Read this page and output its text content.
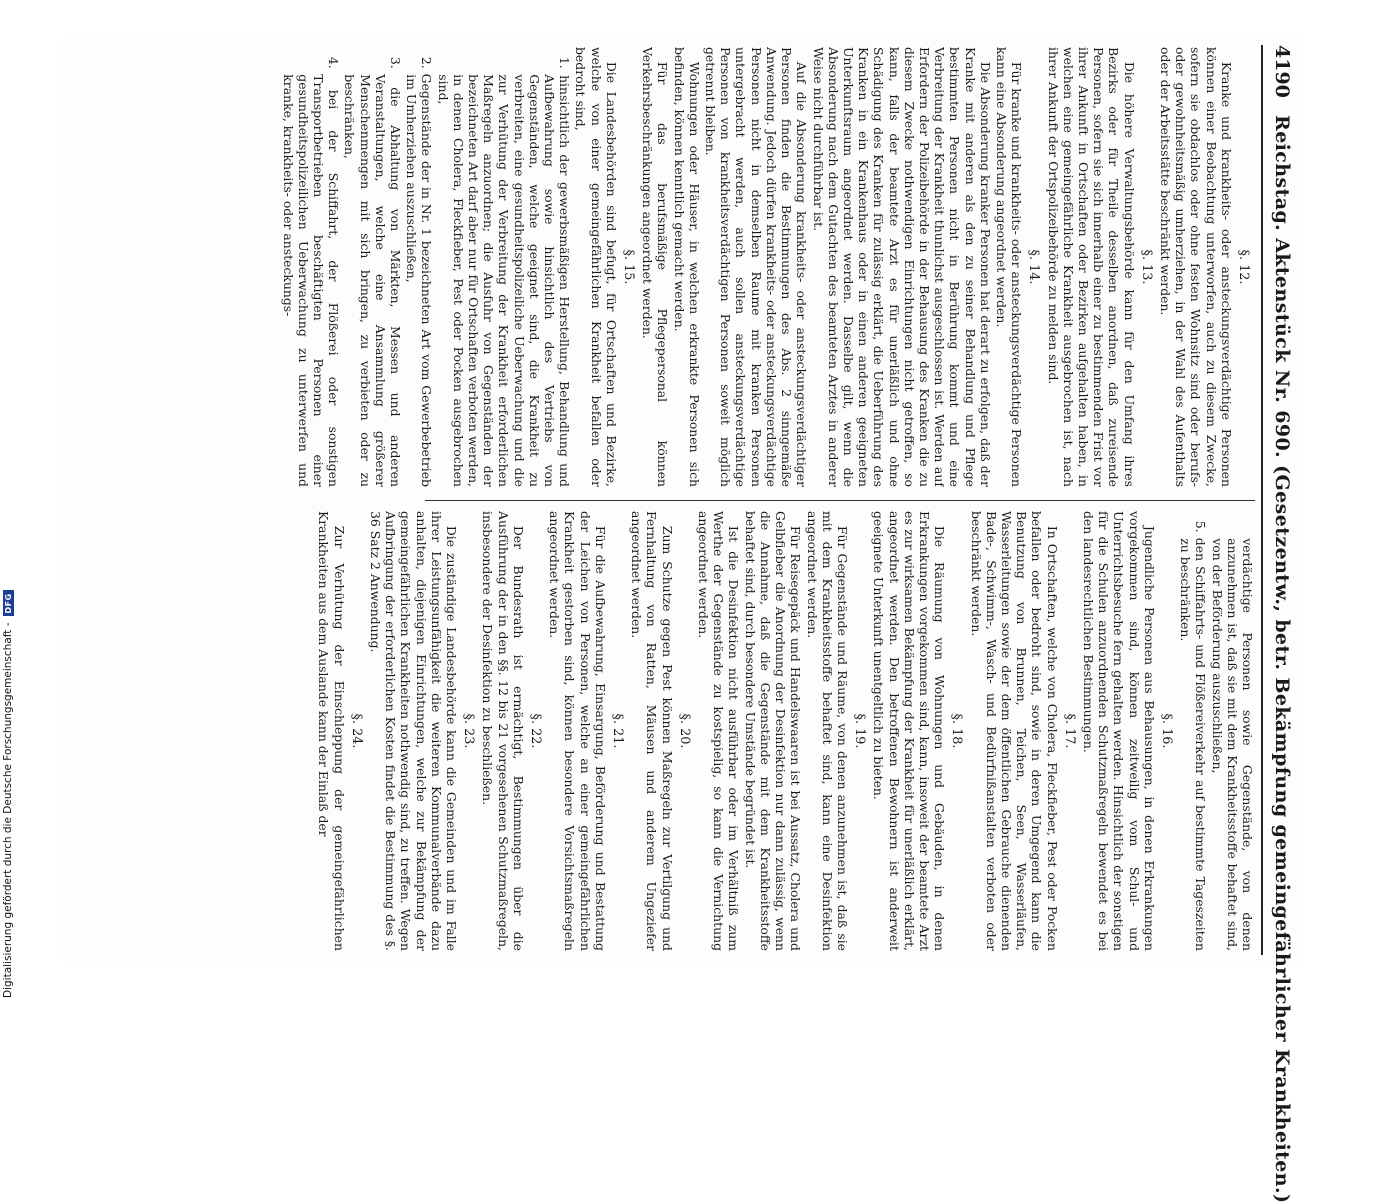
4190
Reichstag. Aktenstück Nr. 690. (Gesetzentw., betr. Bekämpfung gemeingefährlicher Krankheiten.)
§. 12.

Kranke und krankheits- oder ansteckungsverdächtige Personen können einer Beobachtung unterworfen, auch zu diesem Zwecke, sofern sie obdachlos oder ohne festen Wohnsitz sind oder berufs- oder gewohnheitsmäßig umherziehen, in der Wahl des Aufenthalts oder der Arbeitsstätte beschränkt werden.

§. 13.

Die höhere Verwaltungsbehörde kann für den Umfang ihres Bezirks oder für Theile desselben anordnen, daß zureisende Personen, sofern sie sich innerhalb einer zu bestimmenden Frist vor ihrer Ankunft in Ortschaften oder Bezirken aufgehalten haben, in welchen eine gemeingefährliche Krankheit ausgebrochen ist, nach ihrer Ankunft der Ortspolizeibehörde zu melden sind.

§. 14.

Für kranke und krankheits- oder ansteckungsverdächtige Personen kann eine Absonderung angeordnet werden.

Die Absonderung kranker Personen hat derart zu erfolgen, daß der Kranke mit anderen als den zu seiner Behandlung und Pflege bestimmten Personen nicht in Berührung kommt und eine Verbreitung der Krankheit thunlichst ausgeschlossen ist. Werden auf Erfordern der Polizeibehörde in der Behausung des Kranken die zu diesem Zwecke nothwendigen Einrichtungen nicht getroffen, so kann, falls der beamtete Arzt es für unerläßlich und ohne Schädigung des Kranken für zulässig erklärt, die Ueberführung des Kranken in ein Krankenhaus oder in einen anderen geeigneten Unterkunftsraum angeordnet werden. Dasselbe gilt, wenn die Absonderung nach dem Gutachten des beamteten Arztes in anderer Weise nicht durchführbar ist.

Auf die Absonderung krankheits- oder ansteckungsverdächtiger Personen finden die Bestimmungen des Abs. 2 sinngemäße Anwendung. Jedoch dürfen krankheits- oder ansteckungsverdächtige Personen nicht in demselben Raume mit kranken Personen untergebracht werden, auch sollen ansteckungsverdächtige Personen von krankheitsverdächtigen Personen soweit möglich getrennt bleiben.

Wohnungen oder Häuser, in welchen erkrankte Personen sich befinden, können kenntlich gemacht werden.

Für das berufsmäßige Pflegepersonal können Verkehrsbeschränkungen angeordnet werden.

§. 15.

Die Landesbehörden sind befugt, für Ortschaften und Bezirke, welche von einer gemeingefährlichen Krankheit befallen oder bedroht sind,

1. hinsichtlich der gewerbsmäßigen Herstellung, Behandlung und Aufbewahrung sowie hinsichtlich des Vertriebs von Gegenständen, welche geeignet sind, die Krankheit zu verbreiten, eine gesundheitspolizeiliche Ueberwachung und die zur Verhütung der Verbreitung der Krankheit erforderlichen Maßregeln anzuordnen; die Ausfuhr von Gegenständen der bezeichneten Art darf aber nur für Ortschaften verboten werden, in denen Cholera, Fleckfieber, Pest oder Pocken ausgebrochen sind,

2. Gegenstände der in Nr. 1 bezeichneten Art vom Gewerbebetrieb im Umherziehen auszuschließen,

3. die Abhaltung von Märkten, Messen und anderen Veranstaltungen, welche eine Ansammlung größerer Menschenmengen mit sich bringen, zu verbieten oder zu beschränken,

4. bei der Schiffahrt, der Flößerei oder sonstigen Transportbetrieben beschäftigten Personen einer gesundheitspolizeilichen Ueberwachung zu unterwerfen und kranke, krankheits- oder ansteckungs-

verdächtige Personen sowie Gegenstände, von denen anzunehmen ist, daß sie mit dem Krankheitsstoffe behaftet sind, von der Beförderung auszuschließen,

5. den Schiffahrts- und Flößereiverkehr auf bestimmte Tageszeiten zu beschränken.

§. 16.

Jugendliche Personen aus Behausungen, in denen Erkrankungen vorgekommen sind, können zeitweilig vom Schul- und Unterrichtsbesuche fern gehalten werden. Hinsichtlich der sonstigen für die Schulen anzuordnenden Schutzmaßregeln bewendet es bei den landesrechtlichen Bestimmungen.

§. 17.

In Ortschaften, welche von Cholera, Fleckfieber, Pest oder Pocken befallen oder bedroht sind, sowie in deren Umgegend kann die Benutzung von Brunnen, Teichen, Seen, Wasserläufen, Wasserleitungen sowie der dem öffentlichen Gebrauche dienenden Bade-, Schwimm-, Wasch- und Bedürfnißanstalten verboten oder beschränkt werden.

§. 18.

Die Räumung von Wohnungen und Gebäuden, in denen Erkrankungen vorgekommen sind, kann, insoweit der beamtete Arzt es zur wirksamen Bekämpfung der Krankheit für unerläßlich erklärt, angeordnet werden. Den betroffenen Bewohnern ist anderweit geeignete Unterkunft unentgeltlich zu bieten.

§. 19.

Für Gegenstände und Räume, von denen anzunehmen ist, daß sie mit dem Krankheitsstoffe behaftet sind, kann eine Desinfektion angeordnet werden.

Für Reisegepäck und Handelswaaren ist bei Aussatz, Cholera und Gelbfieber die Anordnung der Desinfektion nur dann zulässig, wenn die Annahme, daß die Gegenstände mit dem Krankheitsstoffe behaftet sind, durch besondere Umstände begründet ist.

Ist die Desinfektion nicht ausführbar oder im Verhältniß zum Werthe der Gegenstände zu kostspielig, so kann die Vernichtung angeordnet werden.

§. 20.

Zum Schutze gegen Pest können Maßregeln zur Vertilgung und Fernhaltung von Ratten, Mäusen und anderem Ungeziefer angeordnet werden.

§. 21.

Für die Aufbewahrung, Einsargung, Beförderung und Bestattung der Leichen von Personen, welche an einer gemeingefährlichen Krankheit gestorben sind, können besondere Vorsichtsmaßregeln angeordnet werden.

§. 22.

Der Bundesrath ist ermächtigt, Bestimmungen über die Ausführung der in den §§. 12 bis 21 vorgesehenen Schutzmaßregeln, insbesondere der Desinfektion zu beschließen.

§. 23.

Die zuständige Landesbehörde kann die Gemeinden und im Falle ihrer Leistungsunfähigkeit die weiteren Kommunalverbände dazu anhalten, diejenigen Einrichtungen, welche zur Bekämpfung der gemeingefährlichen Krankheiten nothwendig sind, zu treffen. Wegen Aufbringung der erforderlichen Kosten findet die Bestimmung des §. 36 Satz 2 Anwendung.

§. 24.

Zur Verhütung der Einschleppung der gemeingefährlichen Krankheiten aus dem Auslande kann der Einlaß der

Digitalisierung gefördert durch die Deutsche Forschungsgemeinschaft -
DFG
